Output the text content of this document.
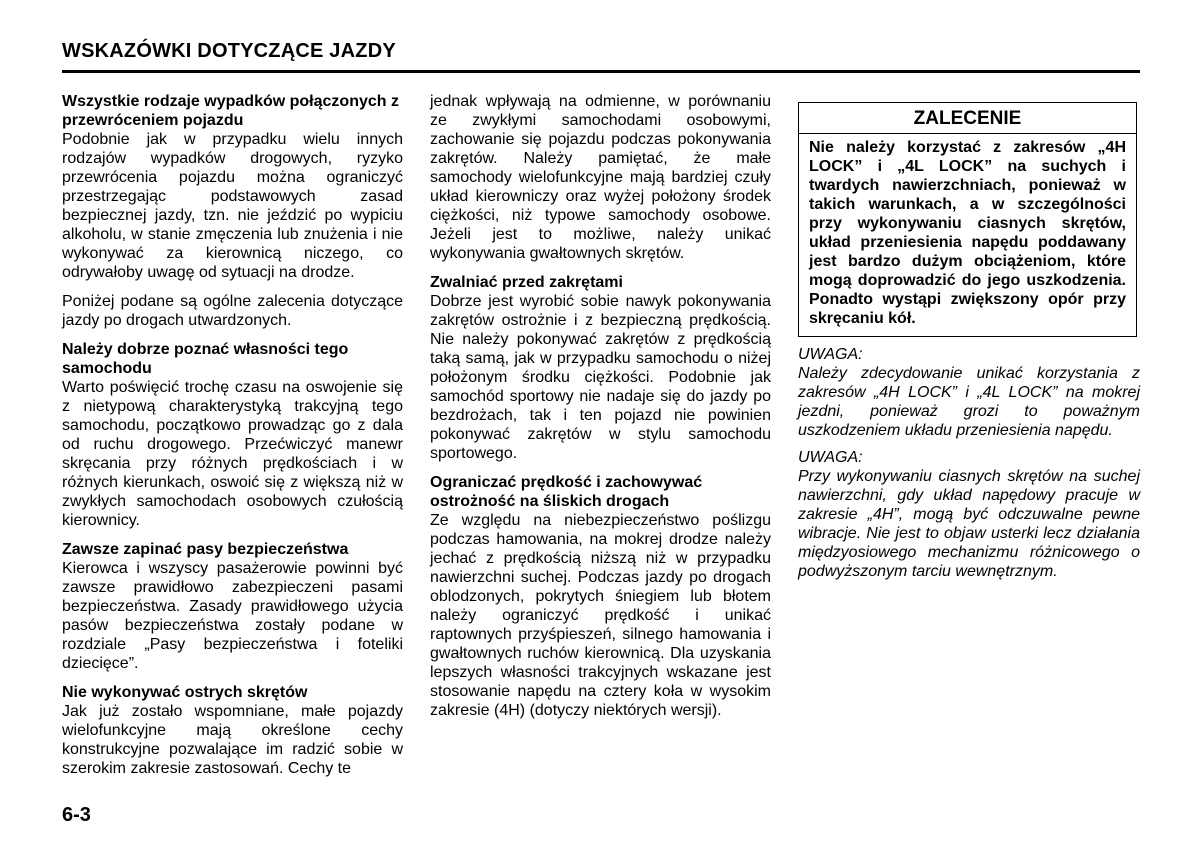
WSKAZÓWKI DOTYCZĄCE JAZDY
Wszystkie rodzaje wypadków połączonych z przewróceniem pojazdu
Podobnie jak w przypadku wielu innych rodzajów wypadków drogowych, ryzyko przewrócenia pojazdu można ograniczyć przestrzegając podstawowych zasad bezpiecznej jazdy, tzn. nie jeździć po wypiciu alkoholu, w stanie zmęczenia lub znużenia i nie wykonywać za kierownicą niczego, co odrywałoby uwagę od sytuacji na drodze.
Poniżej podane są ogólne zalecenia dotyczące jazdy po drogach utwardzonych.
Należy dobrze poznać własności tego samochodu
Warto poświęcić trochę czasu na oswojenie się z nietypową charakterystyką trakcyjną tego samochodu, początkowo prowadząc go z dala od ruchu drogowego. Przećwiczyć manewr skręcania przy różnych prędkościach i w różnych kierunkach, oswoić się z większą niż w zwykłych samochodach osobowych czułością kierownicy.
Zawsze zapinać pasy bezpieczeństwa
Kierowca i wszyscy pasażerowie powinni być zawsze prawidłowo zabezpieczeni pasami bezpieczeństwa. Zasady prawidłowego użycia pasów bezpieczeństwa zostały podane w rozdziale „Pasy bezpieczeństwa i foteliki dziecięce”.
Nie wykonywać ostrych skrętów
Jak już zostało wspomniane, małe pojazdy wielofunkcyjne mają określone cechy konstrukcyjne pozwalające im radzić sobie w szerokim zakresie zastosowań. Cechy te
jednak wpływają na odmienne, w porównaniu ze zwykłymi samochodami osobowymi, zachowanie się pojazdu podczas pokonywania zakrętów. Należy pamiętać, że małe samochody wielofunkcyjne mają bardziej czuły układ kierowniczy oraz wyżej położony środek ciężkości, niż typowe samochody osobowe. Jeżeli jest to możliwe, należy unikać wykonywania gwałtownych skrętów.
Zwalniać przed zakrętami
Dobrze jest wyrobić sobie nawyk pokonywania zakrętów ostrożnie i z bezpieczną prędkością. Nie należy pokonywać zakrętów z prędkością taką samą, jak w przypadku samochodu o niżej położonym środku ciężkości. Podobnie jak samochód sportowy nie nadaje się do jazdy po bezdrożach, tak i ten pojazd nie powinien pokonywać zakrętów w stylu samochodu sportowego.
Ograniczać prędkość i zachowywać ostrożność na śliskich drogach
Ze względu na niebezpieczeństwo poślizgu podczas hamowania, na mokrej drodze należy jechać z prędkością niższą niż w przypadku nawierzchni suchej. Podczas jazdy po drogach oblodzonych, pokrytych śniegiem lub błotem należy ograniczyć prędkość i unikać raptownych przyśpieszeń, silnego hamowania i gwałtownych ruchów kierownicą. Dla uzyskania lepszych własności trakcyjnych wskazane jest stosowanie napędu na cztery koła w wysokim zakresie (4H) (dotyczy niektórych wersji).
ZALECENIE
Nie należy korzystać z zakresów „4H LOCK” i „4L LOCK” na suchych i twardych nawierzchniach, ponieważ w takich warunkach, a w szczególności przy wykonywaniu ciasnych skrętów, układ przeniesienia napędu poddawany jest bardzo dużym obciążeniom, które mogą doprowadzić do jego uszkodzenia. Ponadto wystąpi zwiększony opór przy skręcaniu kół.
UWAGA:
Należy zdecydowanie unikać korzystania z zakresów „4H LOCK” i „4L LOCK” na mokrej jezdni, ponieważ grozi to poważnym uszkodzeniem układu przeniesienia napędu.
UWAGA:
Przy wykonywaniu ciasnych skrętów na suchej nawierzchni, gdy układ napędowy pracuje w zakresie „4H”, mogą być odczuwalne pewne wibracje. Nie jest to objaw usterki lecz działania międzyosiowego mechanizmu różnicowego o podwyższonym tarciu wewnętrznym.
6-3
